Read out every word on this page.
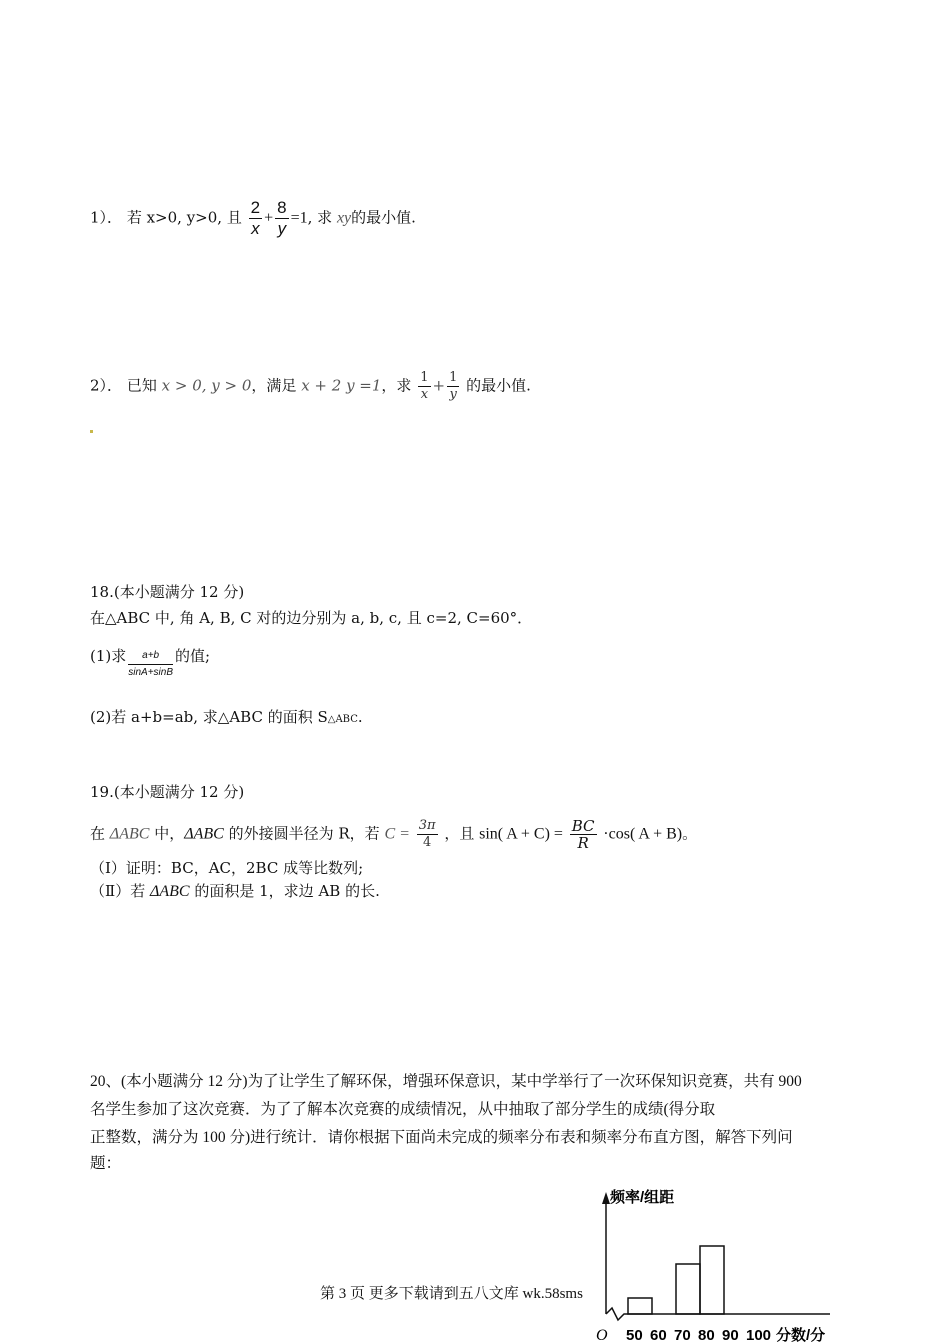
1）． 若 x>0, y>0, 且 $\frac{2}{x} + \frac{8}{y} =1$, 求 xy的最小值.
2）． 已知 x > 0, y > 0，满足 x + 2 y =1，求 $\frac{1}{x} + \frac{1}{y}$ 的最小值.
18.(本小题满分 12 分)
在△ABC 中, 角 A, B, C 对的边分别为 a, b, c, 且 c=2, C=60°．
(1)求 $\frac{a+b}{\sin A+\sin B}$ 的值;
(2)若 a+b=ab, 求△ABC 的面积 S△ABC.
19.(本小题满分 12 分)
在 ΔABC 中，ΔABC 的外接圆半径为 R，若 $C = \frac{3\pi}{4}$ ，且 sin( $A + C) = \frac{BC}{R} \cdot\cos$( A + B)。
（Ⅰ）证明：BC，AC，2BC 成等比数列;
（Ⅱ）若 ΔABC 的面积是 1，求边 AB 的长.
20、(本小题满分 12 分)为了让学生了解环保，增强环保意识，某中学举行了一次环保知识竞赛，共有 900
名学生参加了这次竞赛．为了了解本次竞赛的成绩情况，从中抽取了部分学生的成绩(得分取
正整数，满分为 100 分)进行统计．请你根据下面尚未完成的频率分布表和频率分布直方图，解答下列问
题：
频率/组距
O	分数/分
50 60 70 80 90 100
第 3 页 更多下载请到五八文库 wk.58sms
